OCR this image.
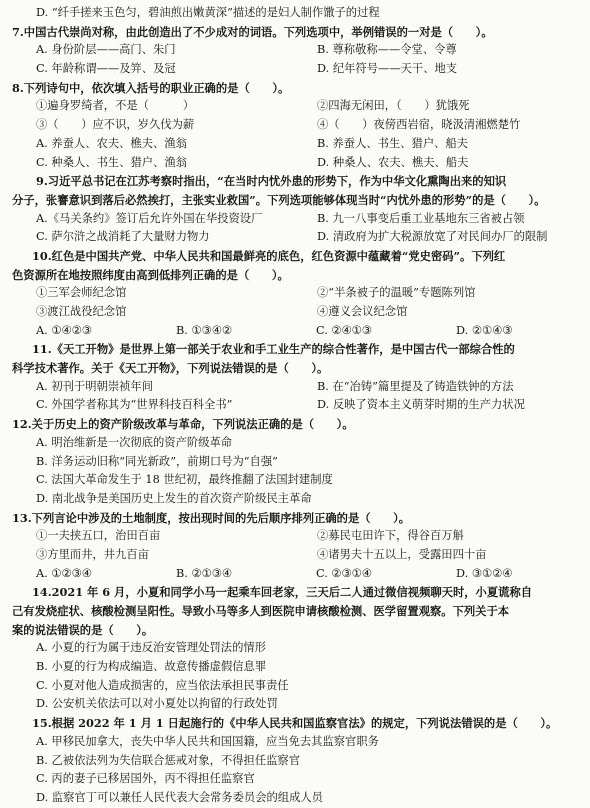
D. “纤手搓来玉色匀，碧油煎出嫩黄深”描述的是妇人制作馓子的过程
7.中国古代崇尚对称，由此创造出了不少成对的词语。下列选项中，举例错误的一对是（　　）。
A. 身份阶层——高门、朱门	B. 尊称敬称——令堂、令尊
C. 年龄称谓——及笄、及冠	D. 纪年符号——天干、地支
8.下列诗句中，依次填入括号的职业正确的是（　　）。
①遍身罗绮者，不是（　　　）	②四海无闲田，（　　）犹饿死
③（　　）应不识，岁久伐为薪	④（　　）夜傍西岩宿，晓汲清湘燃楚竹
A. 养蚕人、农夫、樵夫、渔翁	B. 养蚕人、书生、猎户、船夫
C. 种桑人、书生、猎户、渔翁	D. 种桑人、农夫、樵夫、船夫
9.习近平总书记在江苏考察时指出，“在当时内忧外患的形势下，作为中华文化熏陶出来的知识
分子，张謇意识到落后必然挨打，主张实业救国”。下列选项能够体现当时“内忧外患的形势”的是（　　）。
A.《马关条约》签订后允许外国在华投资设厂	B. 九一八事变后重工业基地东三省被占领
C. 萨尔浒之战消耗了大量财力物力	D. 清政府为扩大税源放宽了对民间办厂的限制
10.红色是中国共产党、中华人民共和国最鲜亮的底色，红色资源中蕴藏着“党史密码”。下列红
色资源所在地按照纬度由高到低排列正确的是（　　）。
①三军会师纪念馆	②“半条被子的温暖”专题陈列馆
③渡江战役纪念馆	④遵义会议纪念馆
A. ①④②③	B. ①③④②	C. ②④①③	D. ②①④③
11.《天工开物》是世界上第一部关于农业和手工业生产的综合性著作，是中国古代一部综合性的
科学技术著作。关于《天工开物》，下列说法错误的是（　　）。
A. 初刊于明朝崇祯年间	B. 在“冶铸”篇里提及了铸造铁钟的方法
C. 外国学者称其为“世界科技百科全书”	D. 反映了资本主义萌芽时期的生产力状况
12.关于历史上的资产阶级改革与革命，下列说法正确的是（　　）。
A. 明治维新是一次彻底的资产阶级革命
B. 洋务运动旧称“同光新政”，前期口号为“自强”
C. 法国大革命发生于 18 世纪初，最终推翻了法国封建制度
D. 南北战争是美国历史上发生的首次资产阶级民主革命
13.下列言论中涉及的土地制度，按出现时间的先后顺序排列正确的是（　　）。
①一夫挟五口，治田百亩	②募民屯田许下，得谷百万斛
③方里而井，井九百亩	④诸男夫十五以上，受露田四十亩
A. ①②③④	B. ②①③④	C. ②③①④	D. ③①②④
14.2021 年 6 月，小夏和同学小马一起乘车回老家，三天后二人通过微信视频聊天时，小夏谎称自
己有发烧症状、核酸检测呈阳性。导致小马等多人到医院申请核酸检测、医学留置观察。下列关于本
案的说法错误的是（　　）。
A. 小夏的行为属于违反治安管理处罚法的情形
B. 小夏的行为构成编造、故意传播虚假信息罪
C. 小夏对他人造成损害的，应当依法承担民事责任
D. 公安机关依法可以对小夏处以拘留的行政处罚
15.根据 2022 年 1 月 1 日起施行的《中华人民共和国监察官法》的规定，下列说法错误的是（　　）。
A. 甲移民加拿大，丧失中华人民共和国国籍，应当免去其监察官职务
B. 乙被依法列为失信联合惩戒对象，不得担任监察官
C. 丙的妻子已移居国外，丙不得担任监察官
D. 监察官丁可以兼任人民代表大会常务委员会的组成人员
